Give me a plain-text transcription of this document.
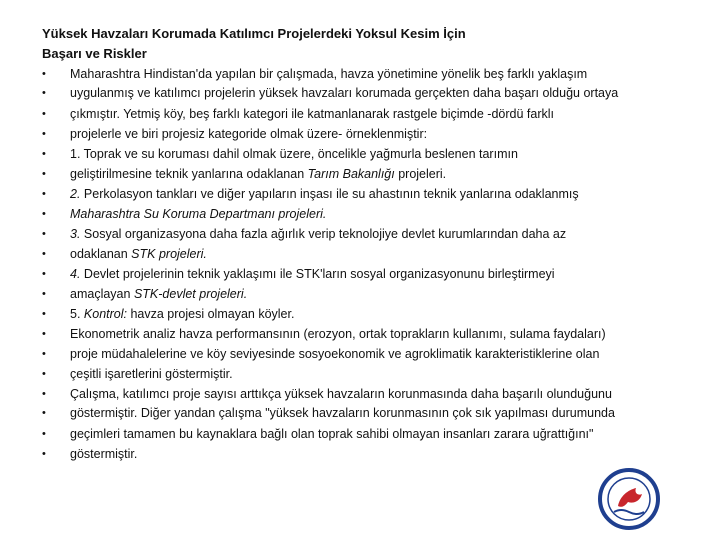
Yüksek Havzaları Korumada Katılımcı Projelerdeki Yoksul Kesim İçin
Başarı ve Riskler
• Maharashtra Hindistan'da yapılan bir çalışmada, havza yönetimine yönelik beş farklı yaklaşım
• uygulanmış ve katılımcı projelerin yüksek havzaları korumada gerçekten daha başarı olduğu ortaya
• çıkmıştır. Yetmiş köy, beş farklı kategori ile katmanlanarak rastgele biçimde -dördü farklı
• projelerle ve biri projesiz kategoride olmak üzere- örneklenmiştir:
• 1. Toprak ve su koruması dahil olmak üzere, öncelikle yağmurla beslenen tarımın
• geliştirilmesine teknik yanlarına odaklanan Tarım Bakanlığı projeleri.
• 2. Perkolasyon tankları ve diğer yapıların inşası ile su ahastının teknik yanlarına odaklanmış
• Maharashtra Su Koruma Departmanı projeleri.
• 3. Sosyal organizasyona daha fazla ağırlık verip teknolojiye devlet kurumlarından daha az
• odaklanan STK projeleri.
• 4. Devlet projelerinin teknik yaklaşımı ile STK'ların sosyal organizasyonunu birleştirmeyi
• amaçlayan STK-devlet projeleri.
• 5. Kontrol: havza projesi olmayan köyler.
• Ekonometrik analiz havza performansının (erozyon, ortak toprakların kullanımı, sulama faydaları)
• proje müdahalelerine ve köy seviyesinde sosyoekonomik ve agroklimatik karakteristiklerine olan
• çeşitli işaretlerini göstermiştir.
• Çalışma, katılımcı proje sayısı arttıkça yüksek havzaların korunmasında daha başarılı olunduğunu
• göstermiştir. Diğer yandan çalışma "yüksek havzaların korunmasının çok sık yapılması durumunda
• geçimleri tamamen bu kaynaklara bağlı olan toprak sahibi olmayan insanları zarara uğrattığını"
• göstermiştir.
